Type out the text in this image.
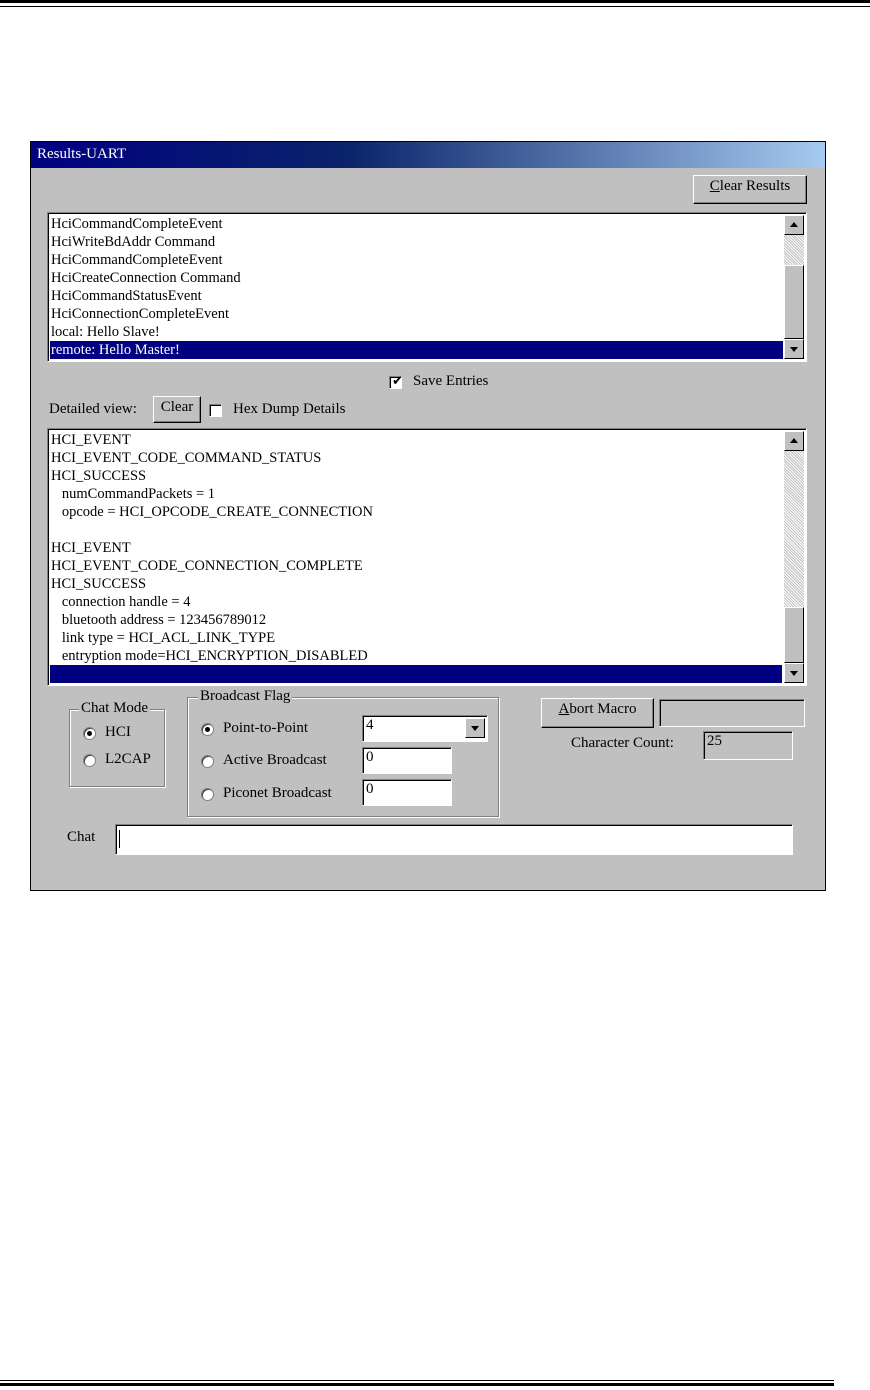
Results-UART
Clear Results
HciCommandCompleteEvent
HciWriteBdAddr Command
HciCommandCompleteEvent
HciCreateConnection Command
HciCommandStatusEvent
HciConnectionCompleteEvent
local: Hello Slave!
remote: Hello Master!
✔ Save Entries
Detailed view:	Clear	Hex Dump Details
HCI_EVENT
HCI_EVENT_CODE_COMMAND_STATUS
HCI_SUCCESS
numCommandPackets = 1
opcode = HCI_OPCODE_CREATE_CONNECTION
HCI_EVENT
HCI_EVENT_CODE_CONNECTION_COMPLETE
HCI_SUCCESS
connection handle = 4
bluetooth address = 123456789012
link type = HCI_ACL_LINK_TYPE
entryption mode=HCI_ENCRYPTION_DISABLED
Chat Mode
HCI
L2CAP
Broadcast Flag
Point-to-Point	4
Active Broadcast	0
Piconet Broadcast 0
Abort Macro
Character Count: 25
Chat
